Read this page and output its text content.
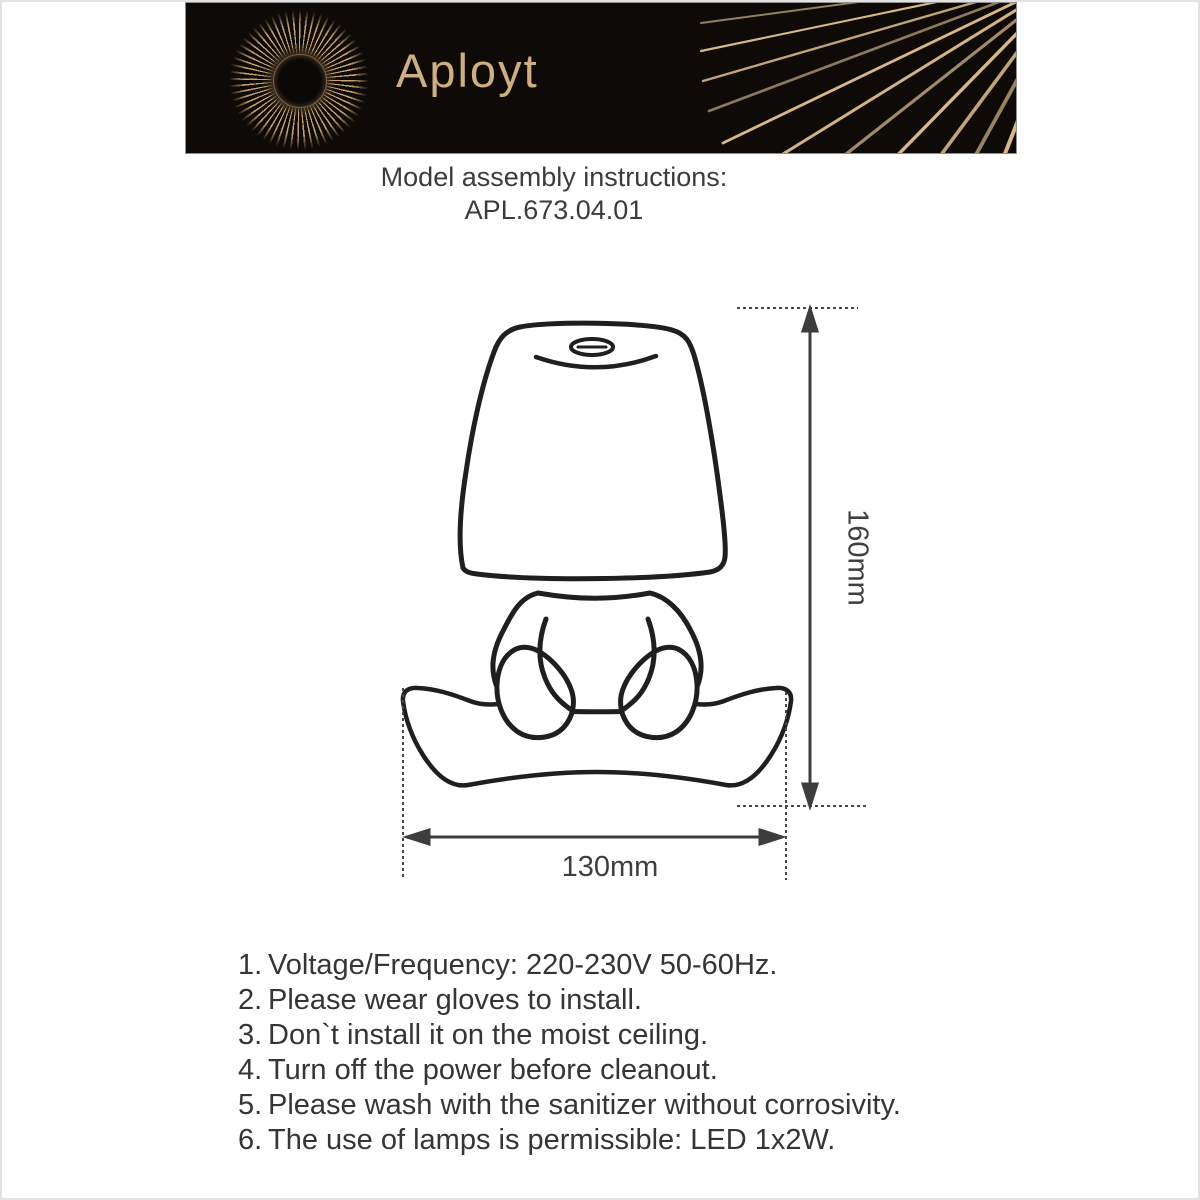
Aployt
Model assembly instructions:
APL.673.04.01
160mm
130mm
1. Voltage/Frequency: 220-230V 50-60Hz.
2. Please wear gloves to install.
3. Don`t install it on the moist ceiling.
4. Turn off the power before cleanout.
5. Please wash with the sanitizer without corrosivity.
6. The use of lamps is permissible: LED 1x2W.
